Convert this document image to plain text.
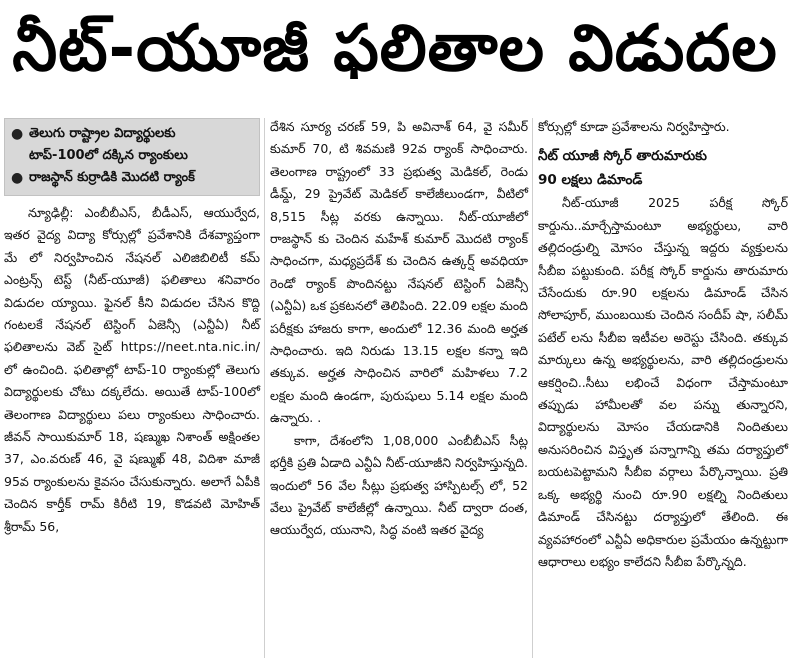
నీట్-యూజీ ఫలితాల విడుదల
● తెలుగు రాష్ట్రాల విద్యార్థులకు
టాప్-100లో దక్కిన ర్యాంకులు
● రాజస్థాన్ కుర్రాడికి మొదటి ర్యాంక్

న్యూఢిల్లీ: ఎంబీబీఎస్, బీడీఎస్, ఆయుర్వేద, ఇతర వైద్య విద్యా కోర్సుల్లో ప్రవేశానికి దేశవ్యాప్తంగా మే లో నిర్వహించిన నేషనల్ ఎలిజిబిలిటీ కమ్ ఎంట్రన్స్ టెస్ట్ (నీట్-యూజీ) ఫలితాలు శనివారం విడుదల య్యాయి. ఫైనల్ కీని విడుదల చేసిన కొద్ది గంటలకే నేషనల్ టెస్టింగ్ ఏజెన్సీ (ఎన్టీఏ) నీట్ ఫలితాలను వెబ్ సైట్ https://neet.nta.nic.in/ లో ఉంచింది. ఫలితాల్లో టాప్-10 ర్యాంకుల్లో తెలుగు విద్యార్థులకు చోటు దక్కలేదు. అయితే టాప్-100లో తెలంగాణ విద్యార్థులు పలు ర్యాంకులు సాధించారు. జీవన్ సాయికుమార్ 18, షణ్ముఖ నిశాంత్ అక్షింతల 37, ఎం.వరుణ్ 46, వై షణ్ముఖ్ 48, విదిశా మాజీ 95వ ర్యాంకులను కైవసం చేసుకున్నారు. అలాగే ఏపీకి చెందిన కార్తీక్ రామ్ కిరీటి 19, కొడవటి మోహిత్ శ్రీరామ్ 56,

దేశిన సూర్య చరణ్ 59, పి అవినాశ్ 64, వై సమీర్ కుమార్ 70, టి శివమణి 92వ ర్యాంక్ సాధించారు. తెలంగాణ రాష్ట్రంలో 33 ప్రభుత్వ మెడికల్, రెండు డీమ్డ్, 29 ప్రైవేట్ మెడికల్ కాలేజీలుండగా, వీటిలో 8,515 సీట్ల వరకు ఉన్నాయి. నీట్-యూజీలో రాజస్థాన్ కు చెందిన మహేశ్ కుమార్ మొదటి ర్యాంక్ సాధించగా, మధ్యప్రదేశ్ కు చెందిన ఉత్కర్ష్ అవధియా రెండో ర్యాంక్ పొందినట్టు నేషనల్ టెస్టింగ్ ఏజెన్సీ (ఎన్టీఏ) ఒక ప్రకటనలో తెలిపింది. 22.09 లక్షల మంది పరీక్షకు హాజరు కాగా, అందులో 12.36 మంది అర్హత సాధించారు. ఇది నిరుడు 13.15 లక్షల కన్నా ఇది తక్కువ. అర్హత సాధించిన వారిలో మహిళలు 7.2 లక్షల మంది ఉండగా, పురుషులు 5.14 లక్షల మంది ఉన్నారు. .

కాగా, దేశంలోని 1,08,000 ఎంబీబీఎస్ సీట్ల భర్తీకి ప్రతి ఏడాది ఎన్టీఏ నీట్-యూజీని నిర్వహిస్తున్నది. ఇందులో 56 వేల సీట్లు ప్రభుత్వ హాస్పిటల్స్ లో, 52 వేలు ప్రైవేట్ కాలేజీల్లో ఉన్నాయి. నీట్ ద్వారా దంత, ఆయుర్వేద, యునాని, సిద్ధ వంటి ఇతర వైద్య

కోర్సుల్లో కూడా ప్రవేశాలను నిర్వహిస్తారు.

నీట్ యూజీ స్కోర్ తారుమారుకు

90 లక్షలు డిమాండ్

నీట్-యూజీ 2025 పరీక్ష స్కోర్ కార్డును..మార్చేస్తామంటూ అభ్యర్థులు, వారి తల్లిదండ్రుల్ని మోసం చేస్తున్న ఇద్దరు వ్యక్తులను సీబీఐ పట్టుకుంది. పరీక్ష స్కోర్ కార్డును తారుమారు చేసేందుకు రూ.90 లక్షలను డిమాండ్ చేసిన సోలాపూర్, ముంబయికు చెందిన సందీప్ షా, సలీమ్ పటేల్ లను సీబీఐ ఇటీవల అరెస్టు చేసింది. తక్కువ మార్కులు ఉన్న అభ్యర్థులను, వారి తల్లిదండ్రులను ఆకర్షించి..సీటు లభించే విధంగా చేస్తామంటూ తప్పుడు హామీలతో వల పన్ను తున్నారని, విద్యార్థులను మోసం చేయడానికి నిందితులు అనుసరించిన విస్తృత పన్నాగాన్ని తమ దర్యాప్తులో బయటపెట్టామని సీబీఐ వర్గాలు పేర్కొన్నాయి. ప్రతి ఒక్క అభ్యర్థి నుంచి రూ.90 లక్షల్ని నిందితులు డిమాండ్ చేసినట్టు దర్యాప్తులో తేలింది. ఈ వ్యవహారంలో ఎన్టీఏ అధికారుల ప్రమేయం ఉన్నట్టుగా ఆధారాలు లభ్యం కాలేదని సీబీఐ పేర్కొన్నది.
